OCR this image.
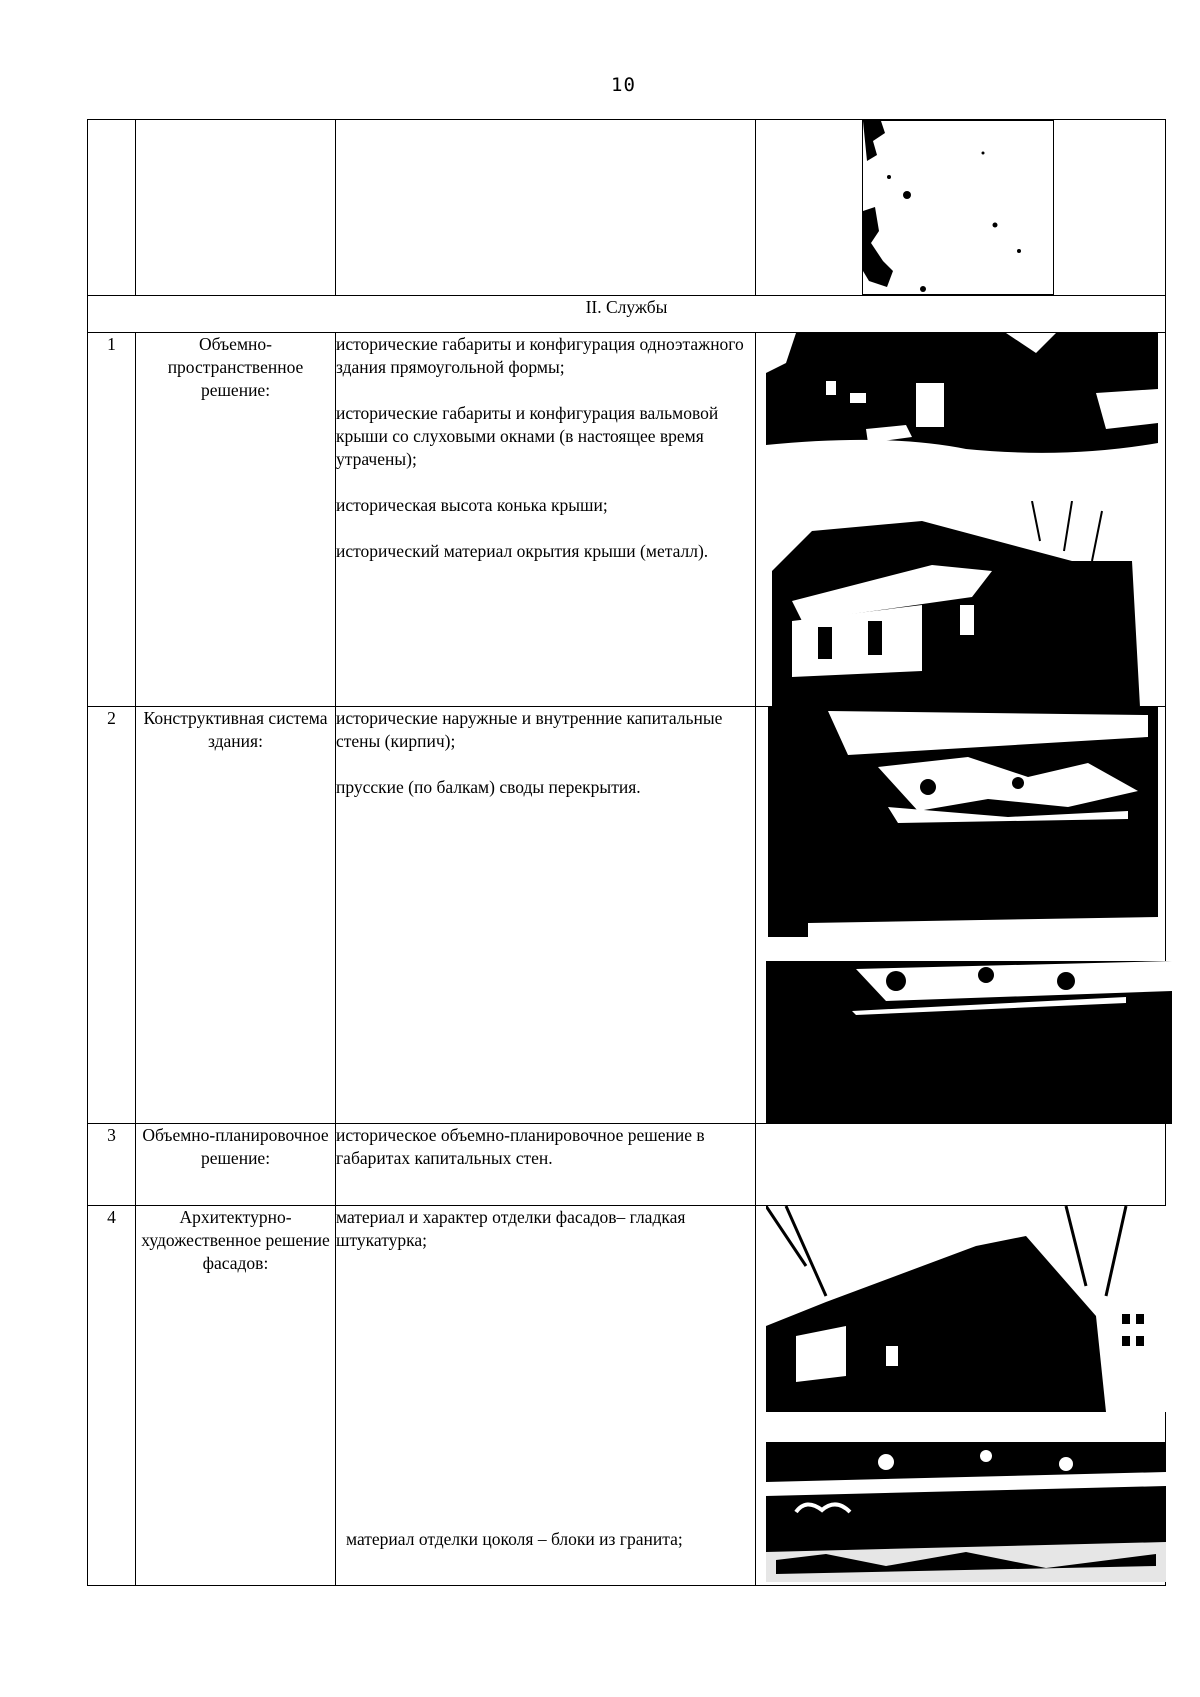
10

II. Службы			
1	Объемно-пространственное решение:	исторические габариты и конфигурация одноэтажного здания прямоугольной формы;

исторические габариты и конфигурация вальмовой крыши со слуховыми окнами (в настоящее время утрачены);

историческая высота конька крыши;

исторический материал окрытия крыши (металл).

2	Конструктивная система здания:	исторические наружные и внутренние капитальные стены (кирпич);

прусские (по балкам) своды перекрытия.

3	Объемно-планировочное решение:	историческое объемно-планировочное решение в габаритах капитальных стен.	

4	Архитектурно-художественное решение фасадов:	материал и характер отделки фасадов– гладкая штукатурка;

материал отделки цоколя – блоки из гранита;
